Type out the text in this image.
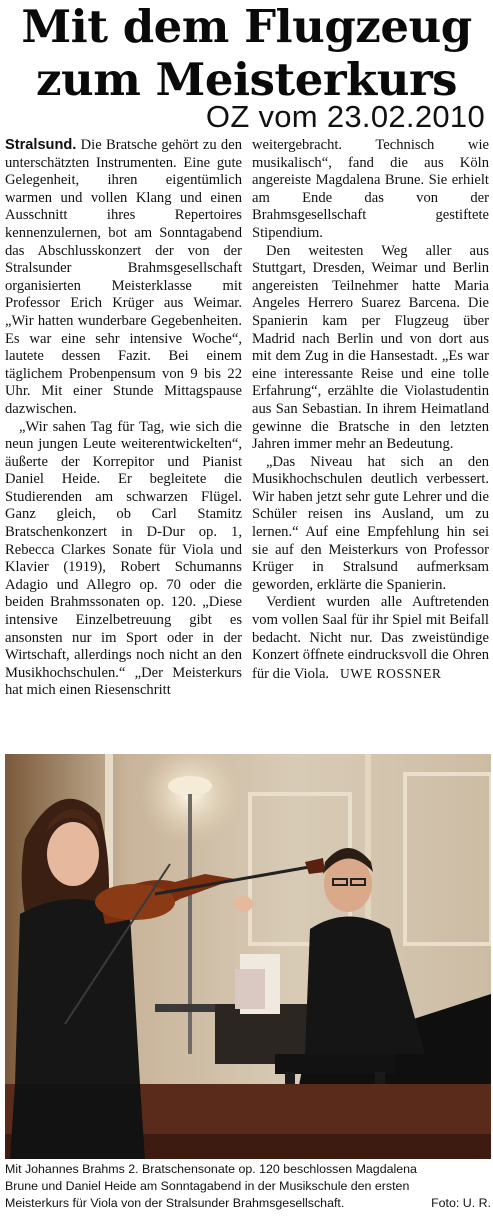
Mit dem Flugzeug
zum Meisterkurs
OZ vom 23.02.2010

Stralsund. Die Bratsche gehört zu den unterschätzten Instrumenten. Eine gute Gelegenheit, ihren eigentümlich warmen und vollen Klang und einen Ausschnitt ihres Repertoires kennenzulernen, bot am Sonntagabend das Abschlusskonzert der von der Stralsunder Brahmsgesellschaft organisierten Meisterklasse mit Professor Erich Krüger aus Weimar. „Wir hatten wunderbare Gegebenheiten. Es war eine sehr intensive Woche“, lautete dessen Fazit. Bei einem täglichem Probenpensum von 9 bis 22 Uhr. Mit einer Stunde Mittagspause dazwischen.

„Wir sahen Tag für Tag, wie sich die neun jungen Leute weiterentwickelten“, äußerte der Korrepitor und Pianist Daniel Heide. Er begleitete die Studierenden am schwarzen Flügel. Ganz gleich, ob Carl Stamitz Bratschenkonzert in D-Dur op. 1, Rebecca Clarkes Sonate für Viola und Klavier (1919), Robert Schumanns Adagio und Allegro op. 70 oder die beiden Brahmssonaten op. 120. „Diese intensive Einzelbetreuung gibt es ansonsten nur im Sport oder in der Wirtschaft, allerdings noch nicht an den Musikhochschulen.“ „Der Meisterkurs hat mich einen Riesenschritt

weitergebracht. Technisch wie musikalisch“, fand die aus Köln angereiste Magdalena Brune. Sie erhielt am Ende das von der Brahmsgesellschaft gestiftete Stipendium.

Den weitesten Weg aller aus Stuttgart, Dresden, Weimar und Berlin angereisten Teilnehmer hatte Maria Angeles Herrero Suarez Barcena. Die Spanierin kam per Flugzeug über Madrid nach Berlin und von dort aus mit dem Zug in die Hansestadt. „Es war eine interessante Reise und eine tolle Erfahrung“, erzählte die Violastudentin aus San Sebastian. In ihrem Heimatland gewinne die Bratsche in den letzten Jahren immer mehr an Bedeutung.

„Das Niveau hat sich an den Musikhochschulen deutlich verbessert. Wir haben jetzt sehr gute Lehrer und die Schüler reisen ins Ausland, um zu lernen.“ Auf eine Empfehlung hin sei sie auf den Meisterkurs von Professor Krüger in Stralsund aufmerksam geworden, erklärte die Spanierin.

Verdient wurden alle Auftretenden vom vollen Saal für ihr Spiel mit Beifall bedacht. Nicht nur. Das zweistündige Konzert öffnete eindrucksvoll die Ohren für die Viola. UWE ROSSNER

Mit Johannes Brahms 2. Bratschensonate op. 120 beschlossen Magdalena
Brune und Daniel Heide am Sonntagabend in der Musikschule den ersten
Meisterkurs für Viola von der Stralsunder Brahmsgesellschaft.	Foto: U. R.
